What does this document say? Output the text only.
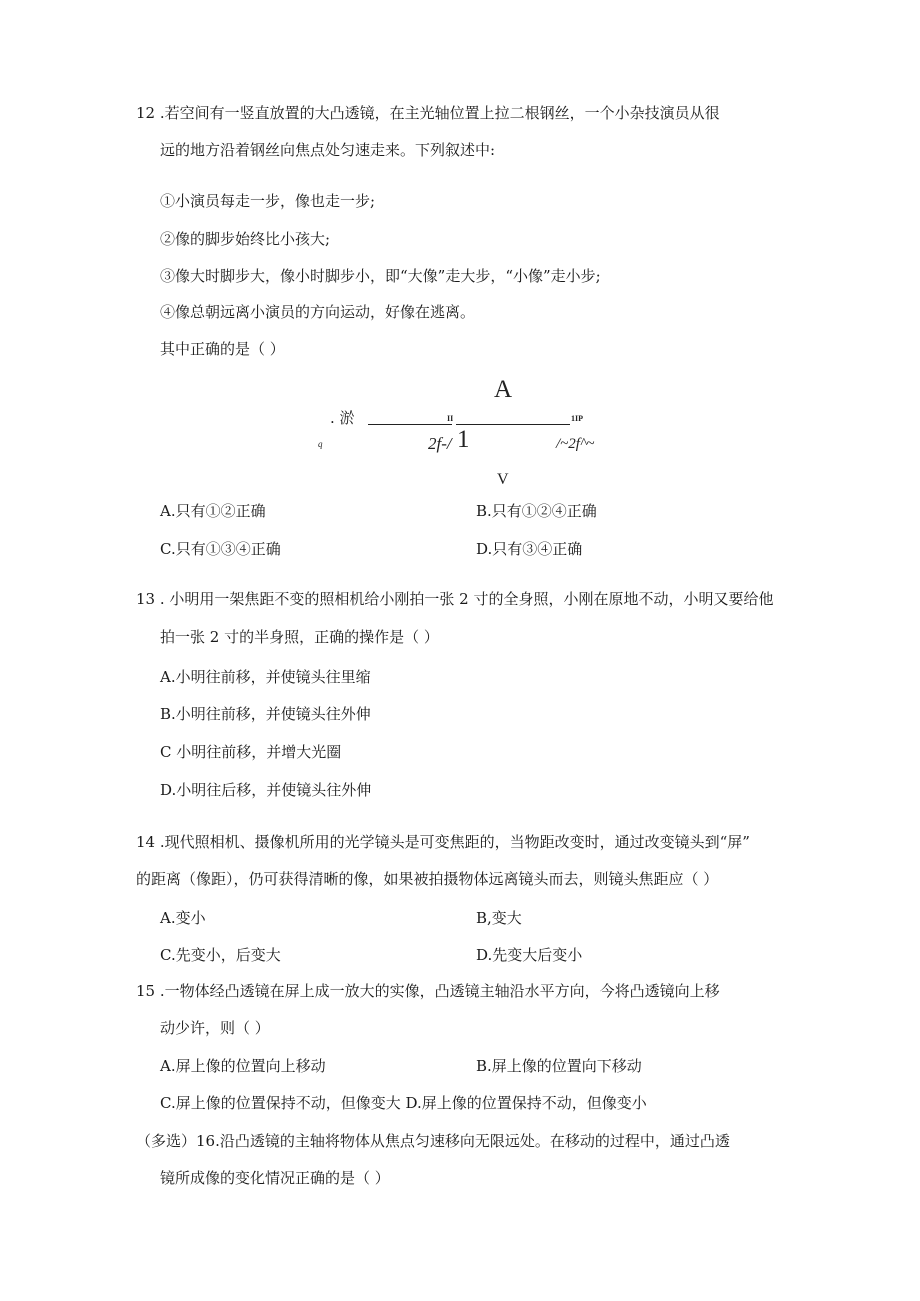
12 .若空间有一竖直放置的大凸透镜，在主光轴位置上拉二根钢丝，一个小杂技演员从很
远的地方沿着钢丝向焦点处匀速走来。下列叙述中:
①小演员每走一步，像也走一步;
②像的脚步始终比小孩大;
③像大时脚步大，像小时脚步小，即“大像”走大步，“小像”走小步;
④像总朝远离小演员的方向运动，好像在逃离。
其中正确的是（ ）
A
. 淤	II	1IP
q	2f-/ 1	/~2f^~
V
A.只有①②正确	B.只有①②④正确
C.只有①③④正确	D.只有③④正确
13 . 小明用一架焦距不变的照相机给小刚拍一张 2 寸的全身照，小刚在原地不动，小明又要给他
拍一张 2 寸的半身照，正确的操作是（ ）
A.小明往前移，并使镜头往里缩
B.小明往前移，并使镜头往外伸
C 小明往前移，并增大光圈
D.小明往后移，并使镜头往外伸
14 .现代照相机、摄像机所用的光学镜头是可变焦距的，当物距改变时，通过改变镜头到“屏”
的距离（像距），仍可获得清晰的像，如果被拍摄物体远离镜头而去，则镜头焦距应（ ）
A.变小	B,变大
C.先变小，后变大	D.先变大后变小
15 .一物体经凸透镜在屏上成一放大的实像，凸透镜主轴沿水平方向，今将凸透镜向上移
动少许，则（ ）
A.屏上像的位置向上移动	B.屏上像的位置向下移动
C.屏上像的位置保持不动，但像变大 D.屏上像的位置保持不动，但像变小
（多选）16.沿凸透镜的主轴将物体从焦点匀速移向无限远处。在移动的过程中，通过凸透
镜所成像的变化情况正确的是（ ）
